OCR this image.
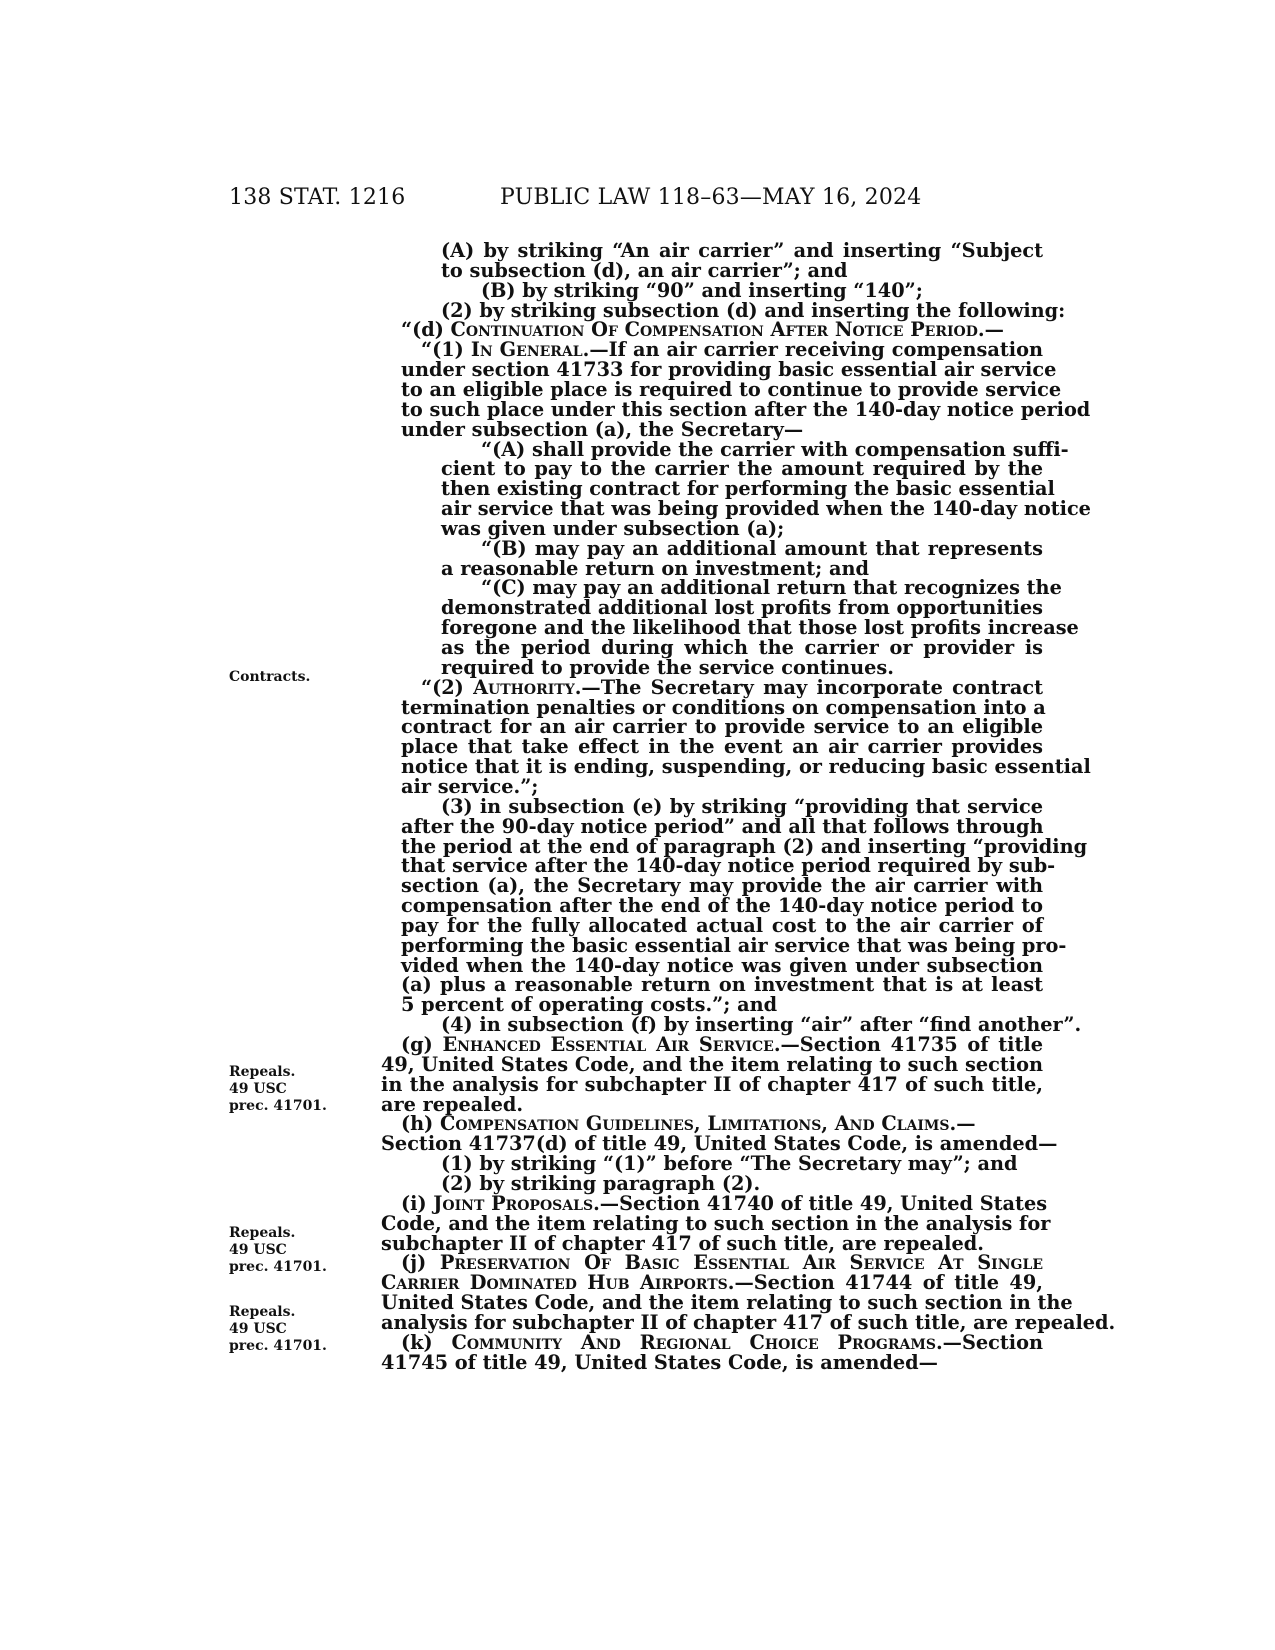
138 STAT. 1216	PUBLIC LAW 118–63—MAY 16, 2024
Contracts.
Repeals.
49 USC
prec. 41701.
Repeals.
49 USC
prec. 41701.
Repeals.
49 USC
prec. 41701.
(A) by striking “An air carrier” and inserting “Subject
to subsection (d), an air carrier”; and
(B) by striking “90” and inserting “140”;
(2) by striking subsection (d) and inserting the following:
“(d) Continuation Of Compensation After Notice Period.—
“(1) In General.—If an air carrier receiving compensation
under section 41733 for providing basic essential air service
to an eligible place is required to continue to provide service
to such place under this section after the 140-day notice period
under subsection (a), the Secretary—
“(A) shall provide the carrier with compensation suffi-
cient to pay to the carrier the amount required by the
then existing contract for performing the basic essential
air service that was being provided when the 140-day notice
was given under subsection (a);
“(B) may pay an additional amount that represents
a reasonable return on investment; and
“(C) may pay an additional return that recognizes the
demonstrated additional lost profits from opportunities
foregone and the likelihood that those lost profits increase
as the period during which the carrier or provider is
required to provide the service continues.
“(2) Authority.—The Secretary may incorporate contract
termination penalties or conditions on compensation into a
contract for an air carrier to provide service to an eligible
place that take effect in the event an air carrier provides
notice that it is ending, suspending, or reducing basic essential
air service.”;
(3) in subsection (e) by striking “providing that service
after the 90-day notice period” and all that follows through
the period at the end of paragraph (2) and inserting “providing
that service after the 140-day notice period required by sub-
section (a), the Secretary may provide the air carrier with
compensation after the end of the 140-day notice period to
pay for the fully allocated actual cost to the air carrier of
performing the basic essential air service that was being pro-
vided when the 140-day notice was given under subsection
(a) plus a reasonable return on investment that is at least
5 percent of operating costs.”; and
(4) in subsection (f) by inserting “air” after “find another”.
(g) Enhanced Essential Air Service.—Section 41735 of title
49, United States Code, and the item relating to such section
in the analysis for subchapter II of chapter 417 of such title,
are repealed.
(h) Compensation Guidelines, Limitations, And Claims.—
Section 41737(d) of title 49, United States Code, is amended—
(1) by striking “(1)” before “The Secretary may”; and
(2) by striking paragraph (2).
(i) Joint Proposals.—Section 41740 of title 49, United States
Code, and the item relating to such section in the analysis for
subchapter II of chapter 417 of such title, are repealed.
(j) Preservation Of Basic Essential Air Service At Single
Carrier Dominated Hub Airports.—Section 41744 of title 49,
United States Code, and the item relating to such section in the
analysis for subchapter II of chapter 417 of such title, are repealed.
(k) Community And Regional Choice Programs.—Section
41745 of title 49, United States Code, is amended—
